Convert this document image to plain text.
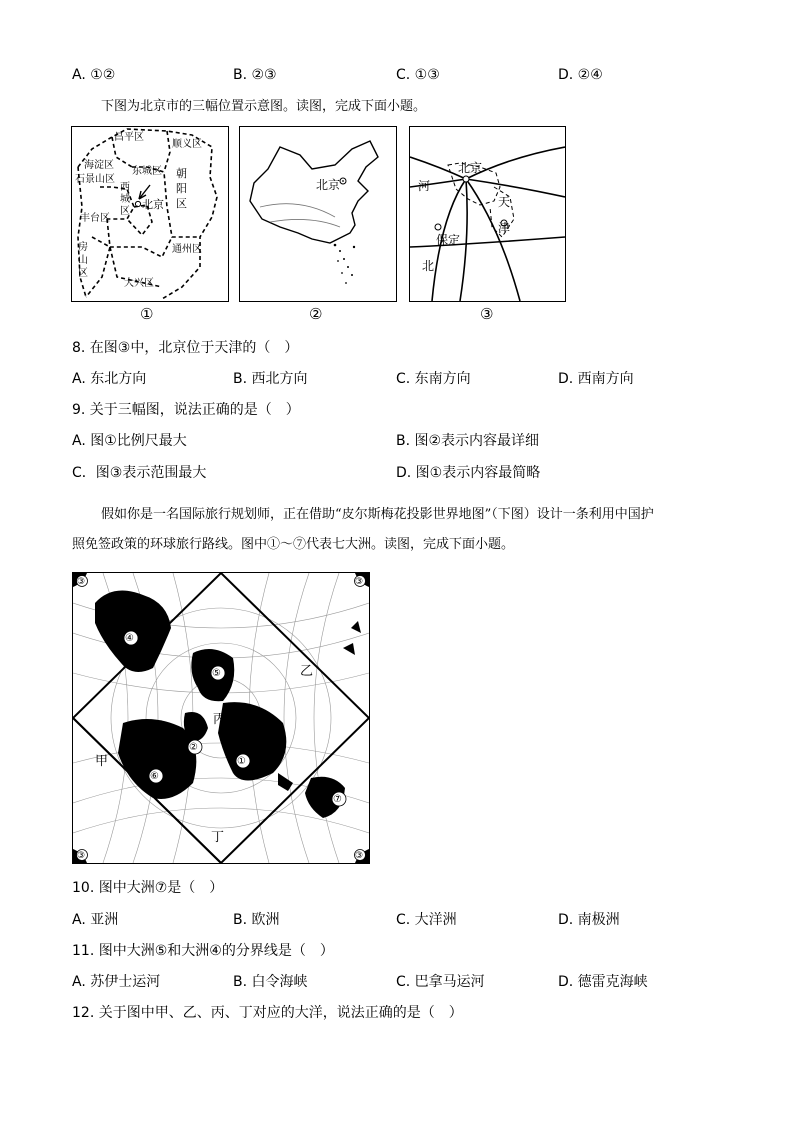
A. ①②	B. ②③	C. ①③	D. ②④
下图为北京市的三幅位置示意图。读图，完成下面小题。
昌平区
顺义区
海淀区
东城区 朝
阳
区
石景山区
西
城
区
北京
丰台区
房
山
区
通州区
大兴区
①
北京
②
北京
天
河
津
保定
北
③
8. 在图③中，北京位于天津的（　）
A. 东北方向	B. 西北方向	C. 东南方向	D. 西南方向
9. 关于三幅图，说法正确的是（　）
A. 图①比例尺最大	B. 图②表示内容最详细
C．图③表示范围最大	D. 图①表示内容最简略
假如你是一名国际旅行规划师，正在借助“皮尔斯梅花投影世界地图”（下图）设计一条利用中国护
照免签政策的环球旅行路线。图中①～⑦代表七大洲。读图，完成下面小题。
③	③
③	③
④
⑤	乙
丙
②
①
⑥
甲
⑦
丁
10. 图中大洲⑦是（　）
A. 亚洲	B. 欧洲	C. 大洋洲	D. 南极洲
11. 图中大洲⑤和大洲④的分界线是（　）
A. 苏伊士运河	B. 白令海峡	C. 巴拿马运河	D. 德雷克海峡
12. 关于图中甲、乙、丙、丁对应的大洋，说法正确的是（　）
